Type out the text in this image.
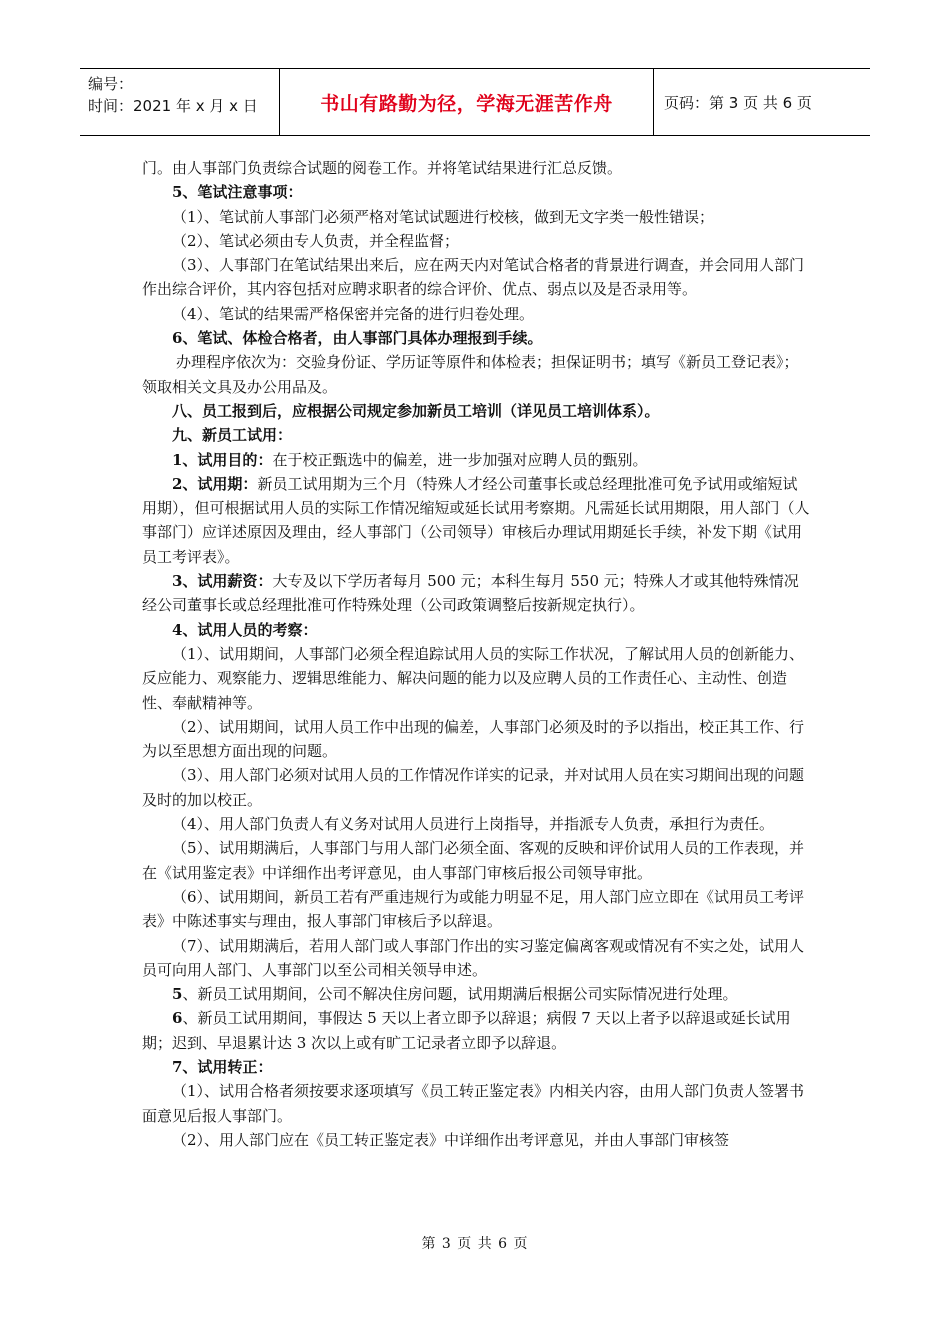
编号：
时间：2021 年 x 月 x 日	书山有路勤为径，学海无涯苦作舟	页码：第 3 页 共 6 页

门。由人事部门负责综合试题的阅卷工作。并将笔试结果进行汇总反馈。

5、笔试注意事项：

（1）、笔试前人事部门必须严格对笔试试题进行校核，做到无文字类一般性错误；

（2）、笔试必须由专人负责，并全程监督；

（3）、人事部门在笔试结果出来后，应在两天内对笔试合格者的背景进行调查，并会同用人部门作出综合评价，其内容包括对应聘求职者的综合评价、优点、弱点以及是否录用等。

（4）、笔试的结果需严格保密并完备的进行归卷处理。

6、笔试、体检合格者，由人事部门具体办理报到手续。

办理程序依次为：交验身份证、学历证等原件和体检表；担保证明书；填写《新员工登记表》；领取相关文具及办公用品及。

八、员工报到后，应根据公司规定参加新员工培训（详见员工培训体系）。

九、新员工试用：

1、试用目的：在于校正甄选中的偏差，进一步加强对应聘人员的甄别。

2、试用期：新员工试用期为三个月（特殊人才经公司董事长或总经理批准可免予试用或缩短试用期），但可根据试用人员的实际工作情况缩短或延长试用考察期。凡需延长试用期限，用人部门（人事部门）应详述原因及理由，经人事部门（公司领导）审核后办理试用期延长手续，补发下期《试用员工考评表》。

3、试用薪资：大专及以下学历者每月 500 元；本科生每月 550 元；特殊人才或其他特殊情况经公司董事长或总经理批准可作特殊处理（公司政策调整后按新规定执行）。

4、试用人员的考察：

（1）、试用期间，人事部门必须全程追踪试用人员的实际工作状况，了解试用人员的创新能力、反应能力、观察能力、逻辑思维能力、解决问题的能力以及应聘人员的工作责任心、主动性、创造性、奉献精神等。

（2）、试用期间，试用人员工作中出现的偏差，人事部门必须及时的予以指出，校正其工作、行为以至思想方面出现的问题。

（3）、用人部门必须对试用人员的工作情况作详实的记录，并对试用人员在实习期间出现的问题及时的加以校正。

（4）、用人部门负责人有义务对试用人员进行上岗指导，并指派专人负责，承担行为责任。

（5）、试用期满后，人事部门与用人部门必须全面、客观的反映和评价试用人员的工作表现，并在《试用鉴定表》中详细作出考评意见，由人事部门审核后报公司领导审批。

（6）、试用期间，新员工若有严重违规行为或能力明显不足，用人部门应立即在《试用员工考评表》中陈述事实与理由，报人事部门审核后予以辞退。

（7）、试用期满后，若用人部门或人事部门作出的实习鉴定偏离客观或情况有不实之处，试用人员可向用人部门、人事部门以至公司相关领导申述。

5、新员工试用期间，公司不解决住房问题，试用期满后根据公司实际情况进行处理。

6、新员工试用期间，事假达 5 天以上者立即予以辞退；病假 7 天以上者予以辞退或延长试用期；迟到、早退累计达 3 次以上或有旷工记录者立即予以辞退。

7、试用转正：

（1）、试用合格者须按要求逐项填写《员工转正鉴定表》内相关内容，由用人部门负责人签署书面意见后报人事部门。

（2）、用人部门应在《员工转正鉴定表》中详细作出考评意见，并由人事部门审核签

第 3 页 共 6 页
